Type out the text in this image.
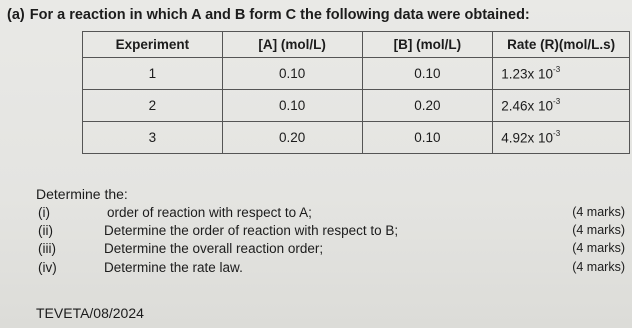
(a) For a reaction in which A and B form C the following data were obtained:
Experiment	[A] (mol/L)	[B] (mol/L)	Rate (R)(mol/L.s)
1	0.10	0.10	1.23x $10^{-3}$
2	0.10	0.20	2.46x $10^{-3}$
3	0.20	0.10	4.92x $10^{-3}$
Determine the:
(i)	order of reaction with respect to A;	(4 marks)
(ii)	Determine the order of reaction with respect to B;	(4 marks)
(iii)	Determine the overall reaction order;	(4 marks)
(iv)	Determine the rate law.	(4 marks)
TEVETA/08/2024
